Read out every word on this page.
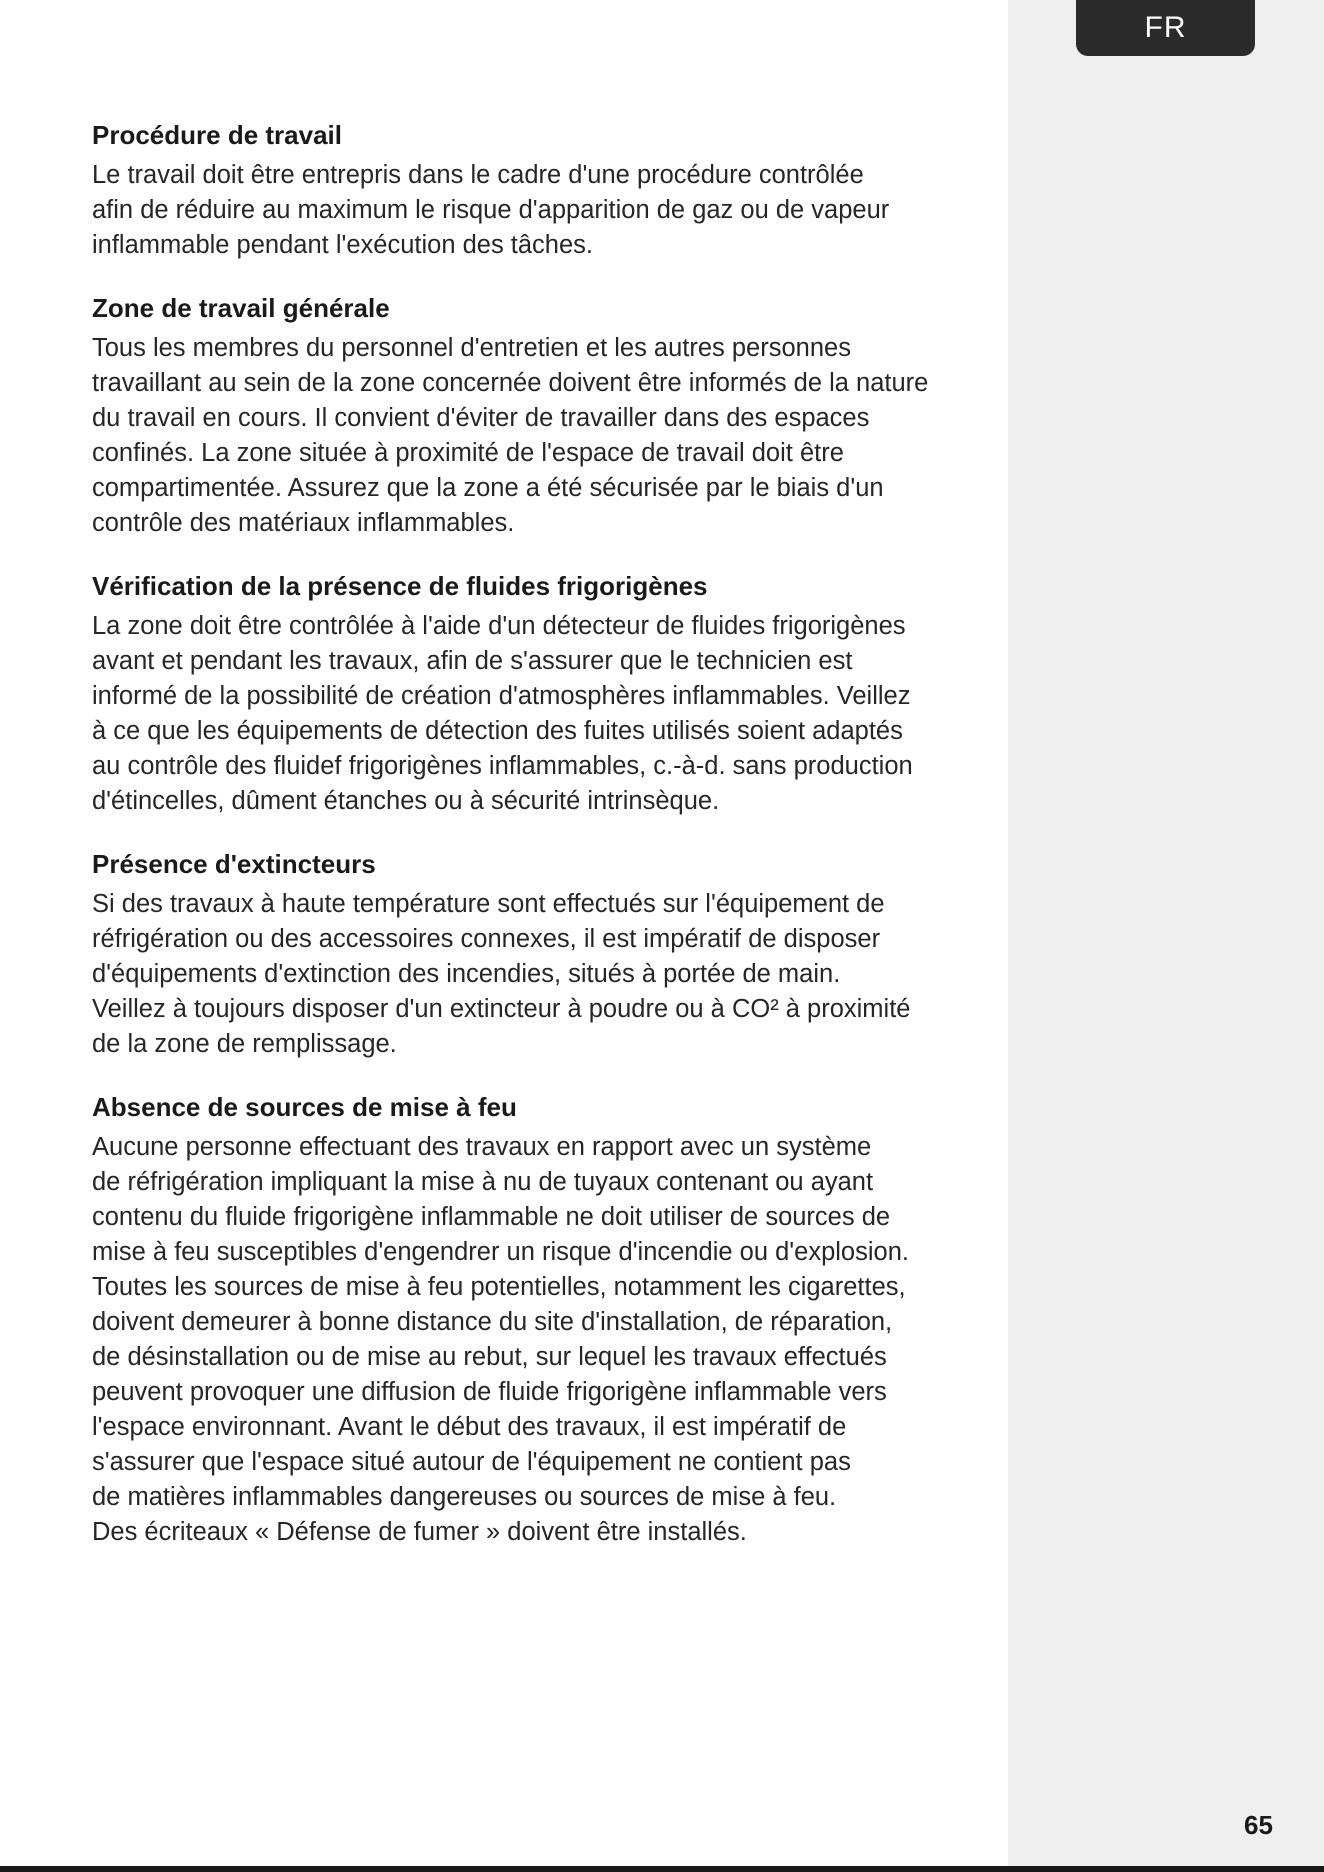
FR
Procédure de travail

Le travail doit être entrepris dans le cadre d'une procédure contrôlée
afin de réduire au maximum le risque d'apparition de gaz ou de vapeur
inflammable pendant l'exécution des tâches.

Zone de travail générale

Tous les membres du personnel d'entretien et les autres personnes
travaillant au sein de la zone concernée doivent être informés de la nature
du travail en cours. Il convient d'éviter de travailler dans des espaces
confinés. La zone située à proximité de l'espace de travail doit être
compartimentée. Assurez que la zone a été sécurisée par le biais d'un
contrôle des matériaux inflammables.

Vérification de la présence de fluides frigorigènes

La zone doit être contrôlée à l'aide d'un détecteur de fluides frigorigènes
avant et pendant les travaux, afin de s'assurer que le technicien est
informé de la possibilité de création d'atmosphères inflammables. Veillez
à ce que les équipements de détection des fuites utilisés soient adaptés
au contrôle des fluidef frigorigènes inflammables, c.-à-d. sans production
d'étincelles, dûment étanches ou à sécurité intrinsèque.

Présence d'extincteurs

Si des travaux à haute température sont effectués sur l'équipement de
réfrigération ou des accessoires connexes, il est impératif de disposer
d'équipements d'extinction des incendies, situés à portée de main.
Veillez à toujours disposer d'un extincteur à poudre ou à CO² à proximité
de la zone de remplissage.

Absence de sources de mise à feu

Aucune personne effectuant des travaux en rapport avec un système
de réfrigération impliquant la mise à nu de tuyaux contenant ou ayant
contenu du fluide frigorigène inflammable ne doit utiliser de sources de
mise à feu susceptibles d'engendrer un risque d'incendie ou d'explosion.
Toutes les sources de mise à feu potentielles, notamment les cigarettes,
doivent demeurer à bonne distance du site d'installation, de réparation,
de désinstallation ou de mise au rebut, sur lequel les travaux effectués
peuvent provoquer une diffusion de fluide frigorigène inflammable vers
l'espace environnant. Avant le début des travaux, il est impératif de
s'assurer que l'espace situé autour de l'équipement ne contient pas
de matières inflammables dangereuses ou sources de mise à feu.
Des écriteaux « Défense de fumer » doivent être installés.

65
